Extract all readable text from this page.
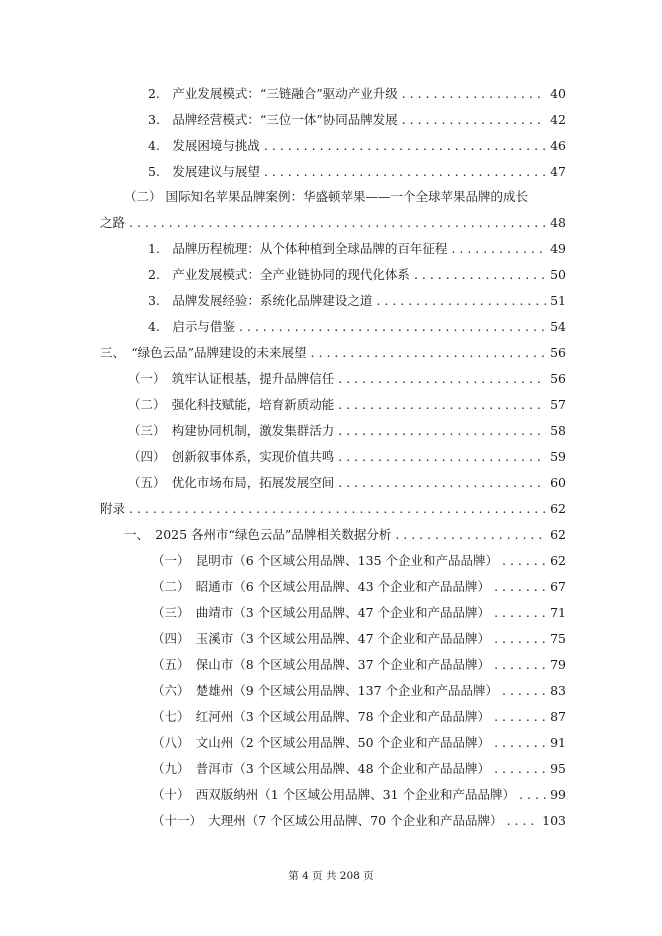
2.　产业发展模式：“三链融合”驱动产业升级 . . .	40
3.　品牌经营模式：“三位一体”协同品牌发展 . . .	42
4.　发展困境与挑战 . . .	46
5.　发展建议与展望 . . .	47
（二） 国际知名苹果品牌案例：华盛顿苹果——一个全球苹果品牌的成长
之路 . . .	48
1.　品牌历程梳理：从个体种植到全球品牌的百年征程 . . .	49
2.　产业发展模式：全产业链协同的现代化体系 . . .	50
3.　品牌发展经验：系统化品牌建设之道 . . .	51
4.　启示与借鉴 . . .	54
三、　“绿色云品”品牌建设的未来展望 . . .	56
（一）　筑牢认证根基，提升品牌信任 . . .	56
（二）　强化科技赋能，培育新质动能 . . .	57
（三）　构建协同机制，激发集群活力 . . .	58
（四）　创新叙事体系，实现价值共鸣 . . .	59
（五）　优化市场布局，拓展发展空间 . . .	60
附录 . . .	62
一、　2025 各州市“绿色云品”品牌相关数据分析 . . .	62
（一）　昆明市（6 个区域公用品牌、135 个企业和产品品牌） . . .	62
（二）　昭通市（6 个区域公用品牌、43 个企业和产品品牌） . . .	67
（三）　曲靖市（3 个区域公用品牌、47 个企业和产品品牌） . . .	71
（四）　玉溪市（3 个区域公用品牌、47 个企业和产品品牌） . . .	75
（五）　保山市（8 个区域公用品牌、37 个企业和产品品牌） . . .	79
（六）　楚雄州（9 个区域公用品牌、137 个企业和产品品牌） . . .	83
（七）　红河州（3 个区域公用品牌、78 个企业和产品品牌） . . .	87
（八）　文山州（2 个区域公用品牌、50 个企业和产品品牌） . . .	91
（九）　普洱市（3 个区域公用品牌、48 个企业和产品品牌） . . .	95
（十）　西双版纳州（1 个区域公用品牌、31 个企业和产品品牌） . . .	99
（十一）　大理州（7 个区域公用品牌、70 个企业和产品品牌） . . .	103
第 4 页 共 208 页
